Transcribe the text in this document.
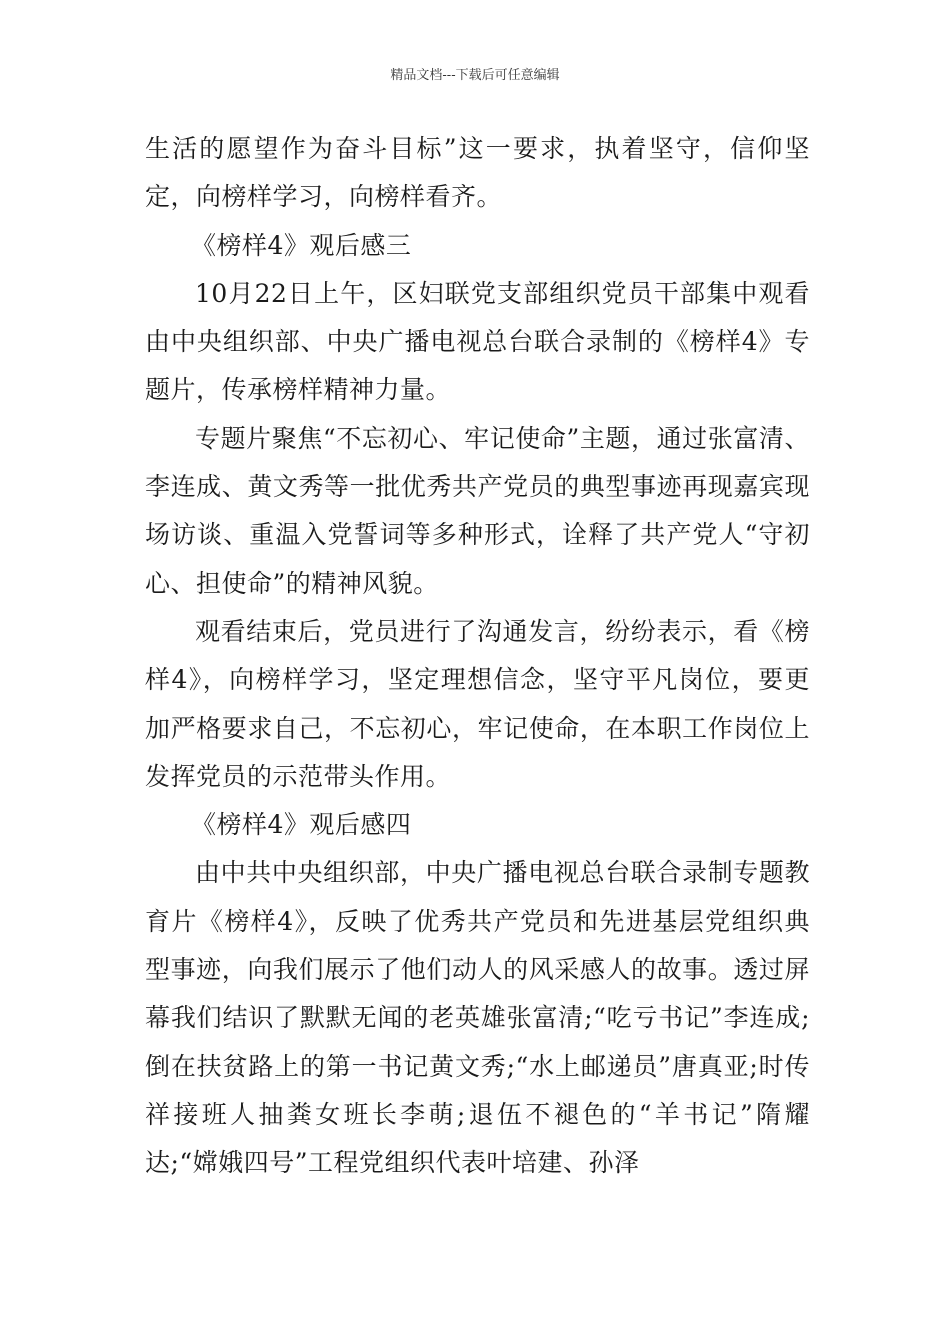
精品文档---下载后可任意编辑

生活的愿望作为奋斗目标”这一要求，执着坚守，信仰坚定，向榜样学习，向榜样看齐。

《榜样4》观后感三

10月22日上午，区妇联党支部组织党员干部集中观看由中央组织部、中央广播电视总台联合录制的《榜样4》专题片，传承榜样精神力量。

专题片聚焦“不忘初心、牢记使命”主题，通过张富清、李连成、黄文秀等一批优秀共产党员的典型事迹再现嘉宾现场访谈、重温入党誓词等多种形式，诠释了共产党人“守初心、担使命”的精神风貌。

观看结束后，党员进行了沟通发言，纷纷表示，看《榜样4》，向榜样学习，坚定理想信念，坚守平凡岗位，要更加严格要求自己，不忘初心，牢记使命，在本职工作岗位上发挥党员的示范带头作用。

《榜样4》观后感四

由中共中央组织部，中央广播电视总台联合录制专题教育片《榜样4》，反映了优秀共产党员和先进基层党组织典型事迹，向我们展示了他们动人的风采感人的故事。透过屏幕我们结识了默默无闻的老英雄张富清;“吃亏书记”李连成;倒在扶贫路上的第一书记黄文秀;“水上邮递员”唐真亚;时传祥接班人抽粪女班长李萌;退伍不褪色的“羊书记”隋耀达;“嫦娥四号”工程党组织代表叶培建、孙泽
